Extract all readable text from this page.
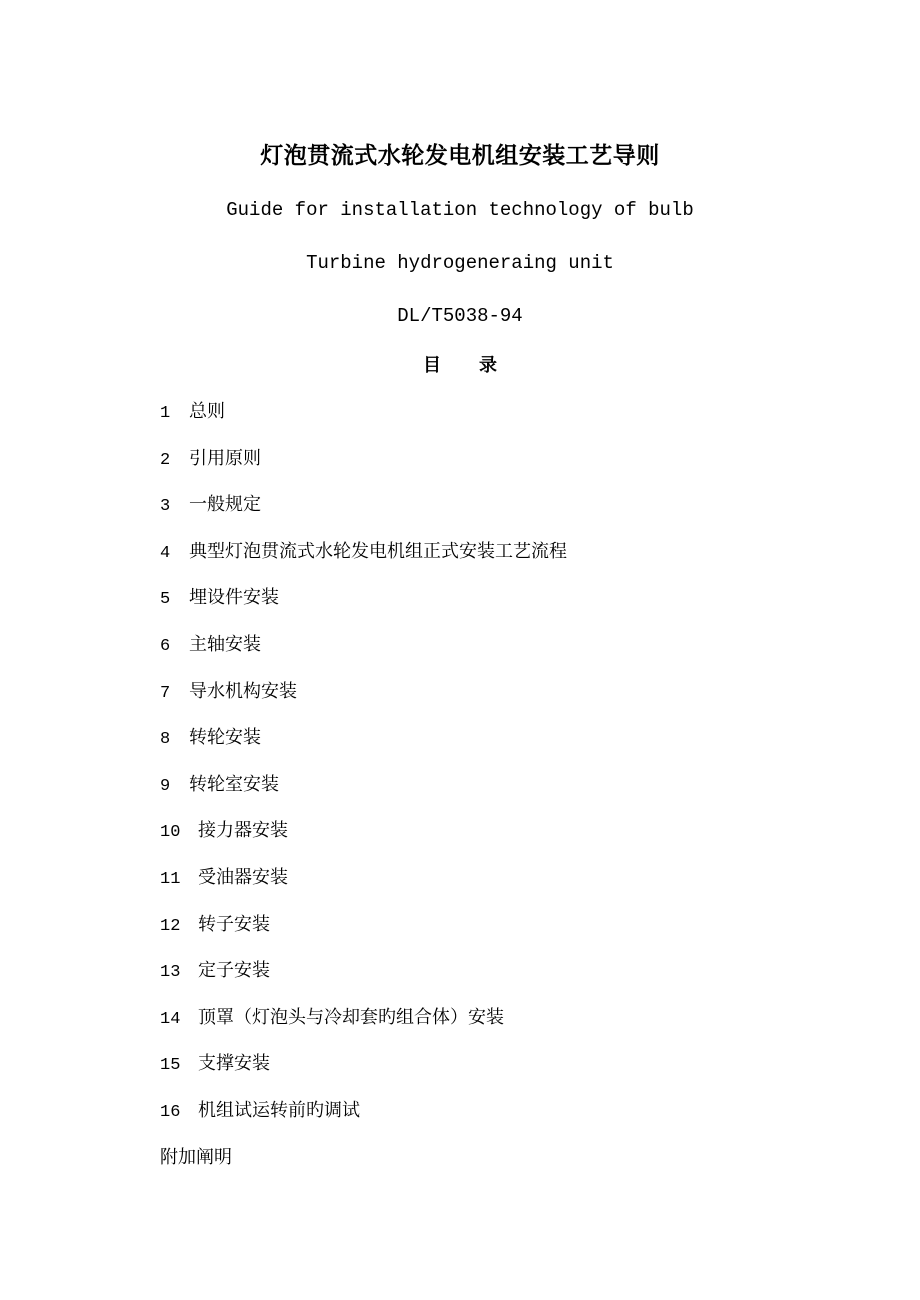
灯泡贯流式水轮发电机组安装工艺导则
Guide for installation technology of bulb
Turbine hydrogeneraing unit
DL/T5038-94
目 录
1 总则
2 引用原则
3 一般规定
4 典型灯泡贯流式水轮发电机组正式安装工艺流程
5 埋设件安装
6 主轴安装
7 导水机构安装
8 转轮安装
9 转轮室安装
10 接力器安装
11 受油器安装
12 转子安装
13 定子安装
14 顶罩（灯泡头与冷却套旳组合体）安装
15 支撑安装
16 机组试运转前旳调试
附加阐明
